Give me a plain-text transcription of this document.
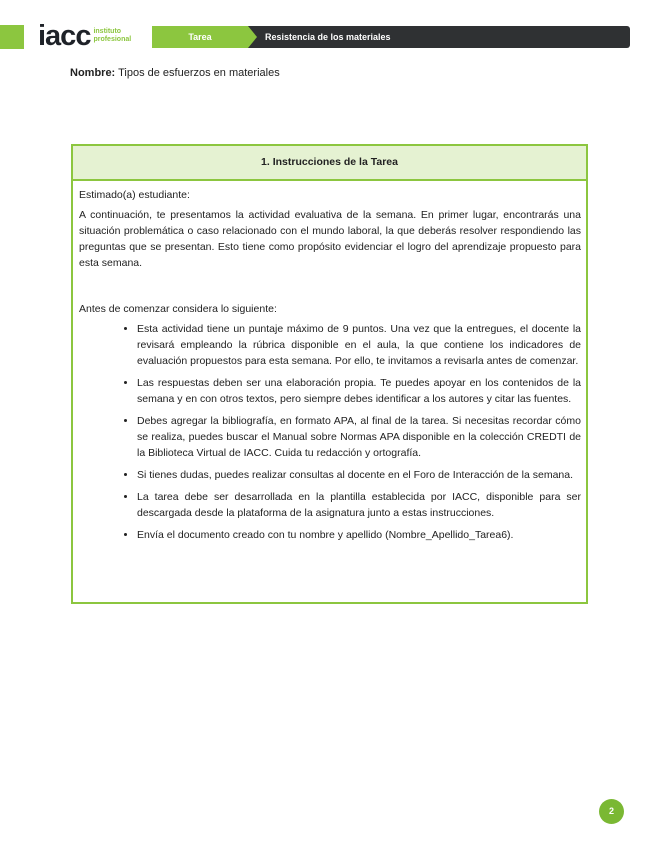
iacc instituto
profesional	Tarea	Resistencia de los materiales
Nombre: Tipos de esfuerzos en materiales
1. Instrucciones de la Tarea

Estimado(a) estudiante:

A continuación, te presentamos la actividad evaluativa de la semana. En primer lugar, encontrarás una situación problemática o caso relacionado con el mundo laboral, la que deberás resolver respondiendo las preguntas que se presentan. Esto tiene como propósito evidenciar el logro del aprendizaje propuesto para esta semana.

Antes de comenzar considera lo siguiente:

• Esta actividad tiene un puntaje máximo de 9 puntos. Una vez que la entregues, el docente la revisará empleando la rúbrica disponible en el aula, la que contiene los indicadores de evaluación propuestos para esta semana. Por ello, te invitamos a revisarla antes de comenzar.
• Las respuestas deben ser una elaboración propia. Te puedes apoyar en los contenidos de la semana y en con otros textos, pero siempre debes identificar a los autores y citar las fuentes.
• Debes agregar la bibliografía, en formato APA, al final de la tarea. Si necesitas recordar cómo se realiza, puedes buscar el Manual sobre Normas APA disponible en la colección CREDTI de la Biblioteca Virtual de IACC. Cuida tu redacción y ortografía.
• Si tienes dudas, puedes realizar consultas al docente en el Foro de Interacción de la semana.
• La tarea debe ser desarrollada en la plantilla establecida por IACC, disponible para ser descargada desde la plataforma de la asignatura junto a estas instrucciones.
• Envía el documento creado con tu nombre y apellido (Nombre_Apellido_Tarea6).
2
